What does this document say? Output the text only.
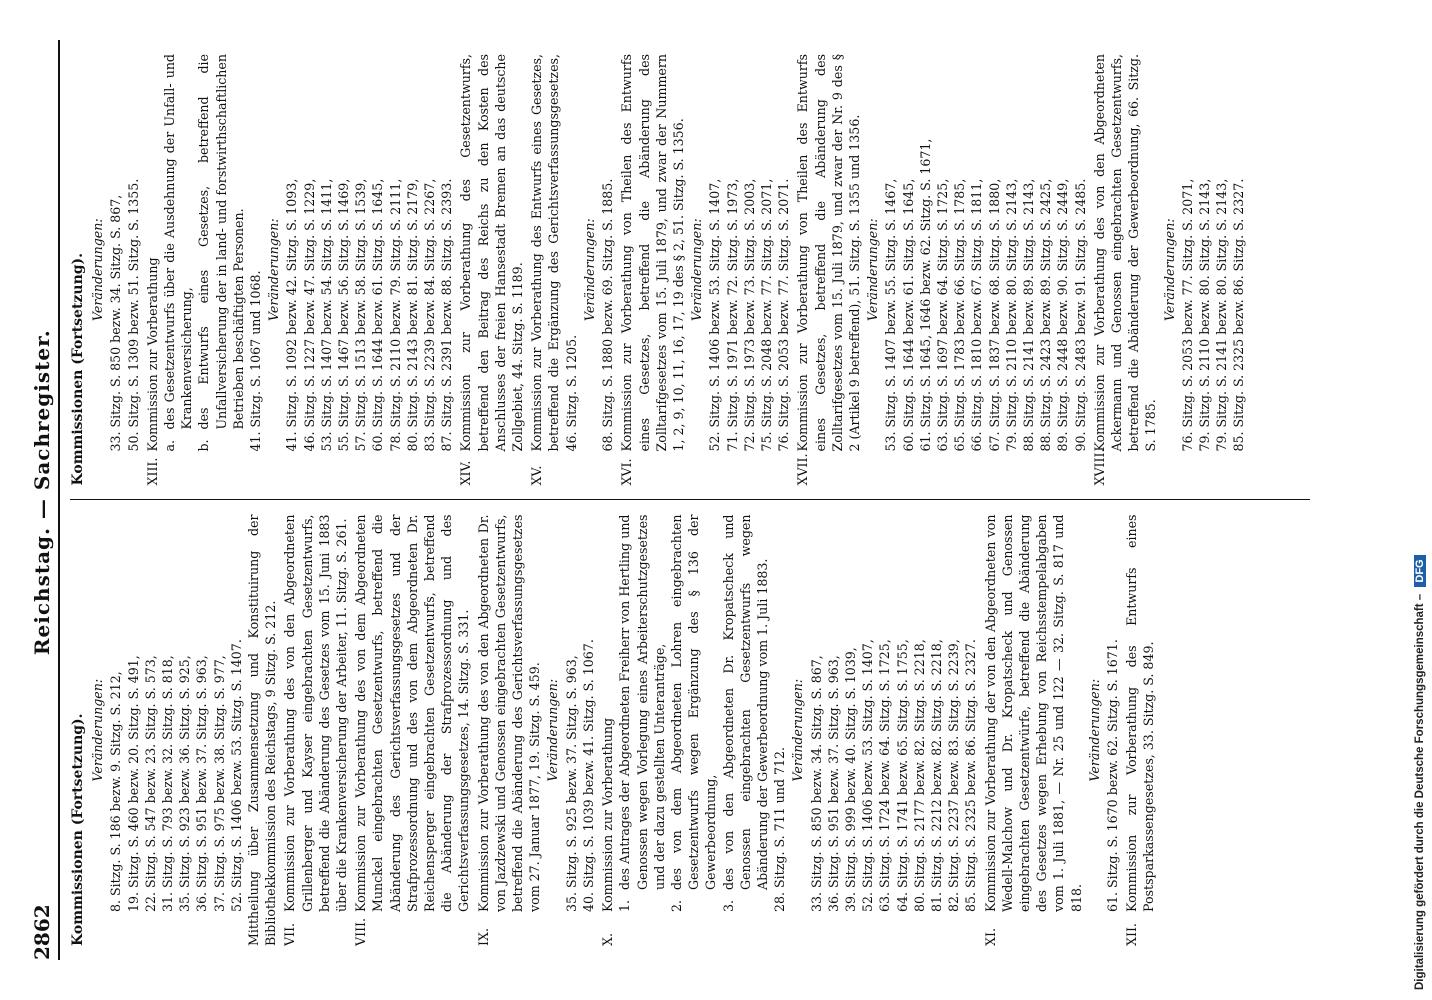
2862
Reichstag. — Sachregister.
Kommissionen (Fortsetzung). Veränderungen: 8. Sitzg. S. 186 bezw. 9. Sitzg. S. 212, 19. Sitzg. S. 460 bezw. 20. Sitzg. S. 491, 22. Sitzg. S. 547 bezw. 23. Sitzg. S. 573, 31. Sitzg. S. 793 bezw. 32. Sitzg. S. 818, 35. Sitzg. S. 923 bezw. 36. Sitzg. S. 925, 36. Sitzg. S. 951 bezw. 37. Sitzg. S. 963, 37. Sitzg. S. 975 bezw. 38. Sitzg. S. 977, 52. Sitzg. S. 1406 bezw. 53. Sitzg. S. 1407. Mittheilung über Zusammensetzung und Konstituirung der Bibliothekkommission des Reichstags, 9 Sitzg. S. 212. VII.
Kommission zur Vorberathung des von den Abgeordneten Grillenberger und Kayser eingebrachten Gesetzentwurfs, betreffend die Abänderung des Gesetzes vom 15. Juni 1883 über die Krankenversicherung der Arbeiter, 11. Sitzg. S. 261.
VIII.
Kommission zur Vorberathung des von dem Abgeordneten Munckel eingebrachten Gesetzentwurfs, betreffend die Abänderung des Gerichtsverfassungsgesetzes und der Strafprozessordnung und des von dem Abgeordneten Dr. Reichensperger eingebrachten Gesetzentwurfs, betreffend die Abänderung der Strafprozessordnung und des Gerichtsverfassungsgesetzes, 14. Sitzg. S. 331.
IX.
Kommission zur Vorberathung des von den Abgeordneten Dr. von Jazdzewski und Genossen eingebrachten Gesetzentwurfs, betreffend die Abänderung des Gerichtsverfassungsgesetzes vom 27. Januar 1877, 19. Sitzg. S. 459. Veränderungen: 35. Sitzg. S. 925 bezw. 37. Sitzg. S. 963, 40. Sitzg. S. 1039 bezw. 41. Sitzg. S. 1067.
X.
Kommission zur Vorberathung 1.
des Antrages der Abgeordneten Freiherr von Hertling und Genossen wegen Vorlegung eines Arbeiterschutzgesetzes und der dazu gestellten Unteranträge,
2.
des von dem Abgeordneten Lohren eingebrachten Gesetzentwurfs wegen Ergänzung des § 136 der Gewerbeordnung,
3.
des von den Abgeordneten Dr. Kropatscheck und Genossen eingebrachten Gesetzentwurfs wegen Abänderung der Gewerbeordnung vom 1. Juli 1883. 28. Sitzg. S. 711 und 712.
Veränderungen: 33. Sitzg. S. 850 bezw. 34. Sitzg. S. 867, 36. Sitzg. S. 951 bezw. 37. Sitzg. S. 963, 39. Sitzg. S. 999 bezw. 40. Sitzg. S. 1039, 52. Sitzg. S. 1406 bezw. 53. Sitzg. S. 1407, 63. Sitzg. S. 1724 bezw. 64. Sitzg. S. 1725, 64. Sitzg. S. 1741 bezw. 65. Sitzg. S. 1755, 80. Sitzg. S. 2177 bezw. 82. Sitzg. S. 2218, 81. Sitzg. S. 2212 bezw. 82. Sitzg. S. 2218, 82. Sitzg. S. 2237 bezw. 83. Sitzg. S. 2239, 85. Sitzg. S. 2325 bezw. 86. Sitzg. S. 2327.
XI.
Kommission zur Vorberathung der von den Abgeordneten von Wedell-Malchow und Dr. Kropatscheck und Genossen eingebrachten Gesetzentwürfe, betreffend die Abänderung des Gesetzes wegen Erhebung von Reichsstempelabgaben vom 1. Juli 1881, — Nr. 25 und 122 — 32. Sitzg. S. 817 und 818.
Veränderungen: 61. Sitzg. S. 1670 bezw. 62. Sitzg. S. 1671.
XII.
Kommission zur Vorberathung des Entwurfs eines Postsparkassengesetzes, 33. Sitzg. S. 849.
Kommissionen (Fortsetzung). Veränderungen: 33. Sitzg. S. 850 bezw. 34. Sitzg. S. 867, 50. Sitzg. S. 1309 bezw. 51. Sitzg. S. 1355.
XIII.
Kommission zur Vorberathung a.
des Gesetzentwurfs über die Ausdehnung der Unfall- und Krankenversicherung,
b.
des Entwurfs eines Gesetzes, betreffend die Unfallversicherung der in land- und forstwirthschaftlichen Betrieben beschäftigten Personen. 41. Sitzg. S. 1067 und 1068.
Veränderungen: 41. Sitzg. S. 1092 bezw. 42. Sitzg. S. 1093, 46. Sitzg. S. 1227 bezw. 47. Sitzg. S. 1229, 53. Sitzg. S. 1407 bezw. 54. Sitzg. S. 1411, 55. Sitzg. S. 1467 bezw. 56. Sitzg. S. 1469, 57. Sitzg. S. 1513 bezw. 58. Sitzg. S. 1539, 60. Sitzg. S. 1644 bezw. 61. Sitzg. S. 1645, 78. Sitzg. S. 2110 bezw. 79. Sitzg. S. 2111, 80. Sitzg. S. 2143 bezw. 81. Sitzg. S. 2179, 83. Sitzg. S. 2239 bezw. 84. Sitzg. S. 2267, 87. Sitzg. S. 2391 bezw. 88. Sitzg. S. 2393.
XIV.
Kommission zur Vorberathung des Gesetzentwurfs, betreffend den Beitrag des Reichs zu den Kosten des Anschlusses der freien Hansestadt Bremen an das deutsche Zollgebiet, 44. Sitzg. S. 1189.
XV.
Kommission zur Vorberathung des Entwurfs eines Gesetzes, betreffend die Ergänzung des Gerichtsverfassungsgesetzes, 46. Sitzg. S. 1205.
Veränderungen: 68. Sitzg. S. 1880 bezw. 69. Sitzg. S. 1885.
XVI.
Kommission zur Vorberathung von Theilen des Entwurfs eines Gesetzes, betreffend die Abänderung des Zolltarifgesetzes vom 15. Juli 1879, und zwar der Nummern 1, 2, 9, 10, 11, 16, 17, 19 des § 2, 51. Sitzg. S. 1356. Veränderungen: 52. Sitzg. S. 1406 bezw. 53. Sitzg. S. 1407, 71. Sitzg. S. 1971 bezw. 72. Sitzg. S. 1973, 72. Sitzg. S. 1973 bezw. 73. Sitzg. S. 2003, 75. Sitzg. S. 2048 bezw. 77. Sitzg. S. 2071, 76. Sitzg. S. 2053 bezw. 77. Sitzg. S. 2071.
XVII.
Kommission zur Vorberathung von Theilen des Entwurfs eines Gesetzes, betreffend die Abänderung des Zolltarifgesetzes vom 15. Juli 1879, und zwar der Nr. 9 des § 2 (Artikel 9 betreffend), 51. Sitzg. S. 1355 und 1356. Veränderungen: 53. Sitzg. S. 1407 bezw. 55. Sitzg. S. 1467, 60. Sitzg. S. 1644 bezw. 61. Sitzg. S. 1645, 61. Sitzg. S. 1645, 1646 bezw. 62. Sitzg. S. 1671, 63. Sitzg. S. 1697 bezw. 64. Sitzg. S. 1725, 65. Sitzg. S. 1783 bezw. 66. Sitzg. S. 1785, 66. Sitzg. S. 1810 bezw. 67. Sitzg. S. 1811, 67. Sitzg. S. 1837 bezw. 68. Sitzg. S. 1880, 79. Sitzg. S. 2110 bezw. 80. Sitzg. S. 2143, 88. Sitzg. S. 2141 bezw. 89. Sitzg. S. 2143, 88. Sitzg. S. 2423 bezw. 89. Sitzg. S. 2425, 89. Sitzg. S. 2448 bezw. 90. Sitzg. S. 2449, 90. Sitzg. S. 2483 bezw. 91. Sitzg. S. 2485.
XVIII.
Kommission zur Vorberathung des von den Abgeordneten Ackermann und Genossen eingebrachten Gesetzentwurfs, betreffend die Abänderung der Gewerbeordnung, 66. Sitzg. S. 1785.
Veränderungen: 76. Sitzg. S. 2053 bezw. 77. Sitzg. S. 2071, 79. Sitzg. S. 2110 bezw. 80. Sitzg. S. 2143, 79. Sitzg. S. 2141 bezw. 80. Sitzg. S. 2143, 85. Sitzg. S. 2325 bezw. 86. Sitzg. S. 2327.
Digitalisierung gefördert durch die Deutsche Forschungsgemeinschaft – DFG
